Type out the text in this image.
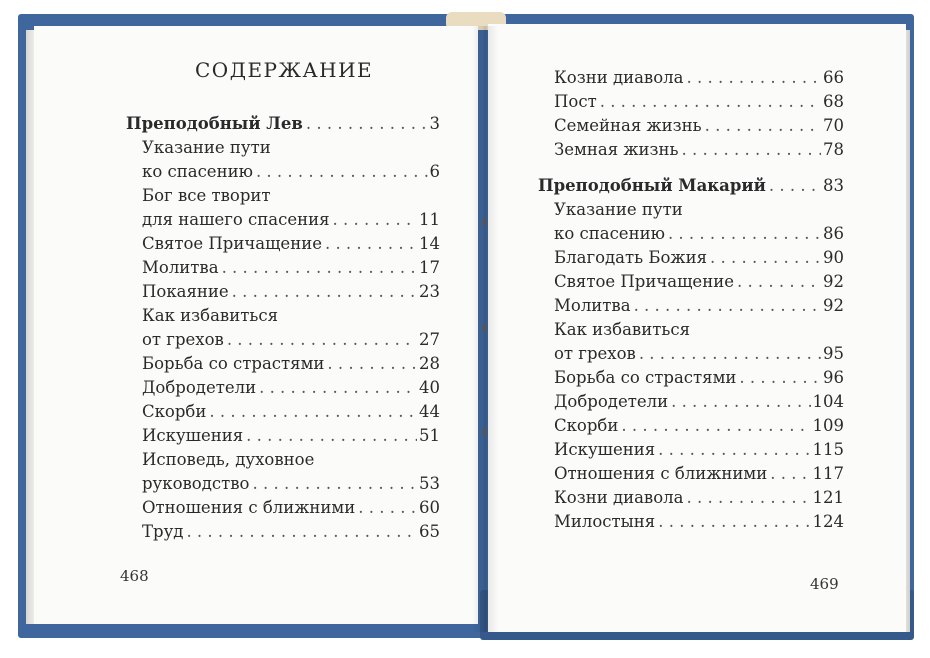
СОДЕРЖАНИЕ
Преподобный Лев . . .	3
Указание пути
ко спасению . . .	6
Бог все творит
для нашего спасения . . .	11
Святое Причащение . . .	14
Молитва . . .	17
Покаяние . . .	23
Как избавиться
от грехов . . .	27
Борьба со страстями . . .	28
Добродетели . . .	40
Скорби . . .	44
Искушения . . .	51
Исповедь, духовное
руководство . . .	53
Отношения с ближними . . .	60
Труд . . .	65
Козни диавола . . .	66
Пост . . .	68
Семейная жизнь . . .	70
Земная жизнь . . .	78
Преподобный Макарий . . .	83
Указание пути
ко спасению . . .	86
Благодать Божия . . .	90
Святое Причащение . . .	92
Молитва . . .	92
Как избавиться
от грехов . . .	95
Борьба со страстями . . .	96
Добродетели . . .	104
Скорби . . .	109
Искушения . . .	115
Отношения с ближними . . .	117
Козни диавола . . .	121
Милостыня . . .	124
468	469
